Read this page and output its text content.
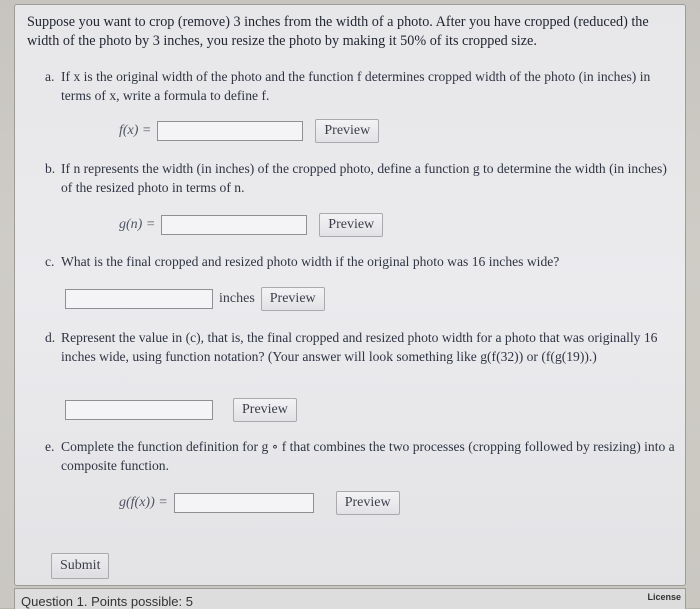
Suppose you want to crop (remove) 3 inches from the width of a photo. After you have cropped (reduced) the width of the photo by 3 inches, you resize the photo by making it 50% of its cropped size.
a. If x is the original width of the photo and the function f determines cropped width of the photo (in inches) in terms of x, write a formula to define f.
f(x) =	Preview
b. If n represents the width (in inches) of the cropped photo, define a function g to determine the width (in inches) of the resized photo in terms of n.
g(n) =	Preview
c. What is the final cropped and resized photo width if the original photo was 16 inches wide?
inches	Preview
d. Represent the value in (c), that is, the final cropped and resized photo width for a photo that was originally 16 inches wide, using function notation? (Your answer will look something like g(f(32)) or (f(g(19)).)
Preview
e. Complete the function definition for g ∘ f that combines the two processes (cropping followed by resizing) into a composite function.
g(f(x)) =	Preview
Submit
Question 1. Points possible: 5	License
